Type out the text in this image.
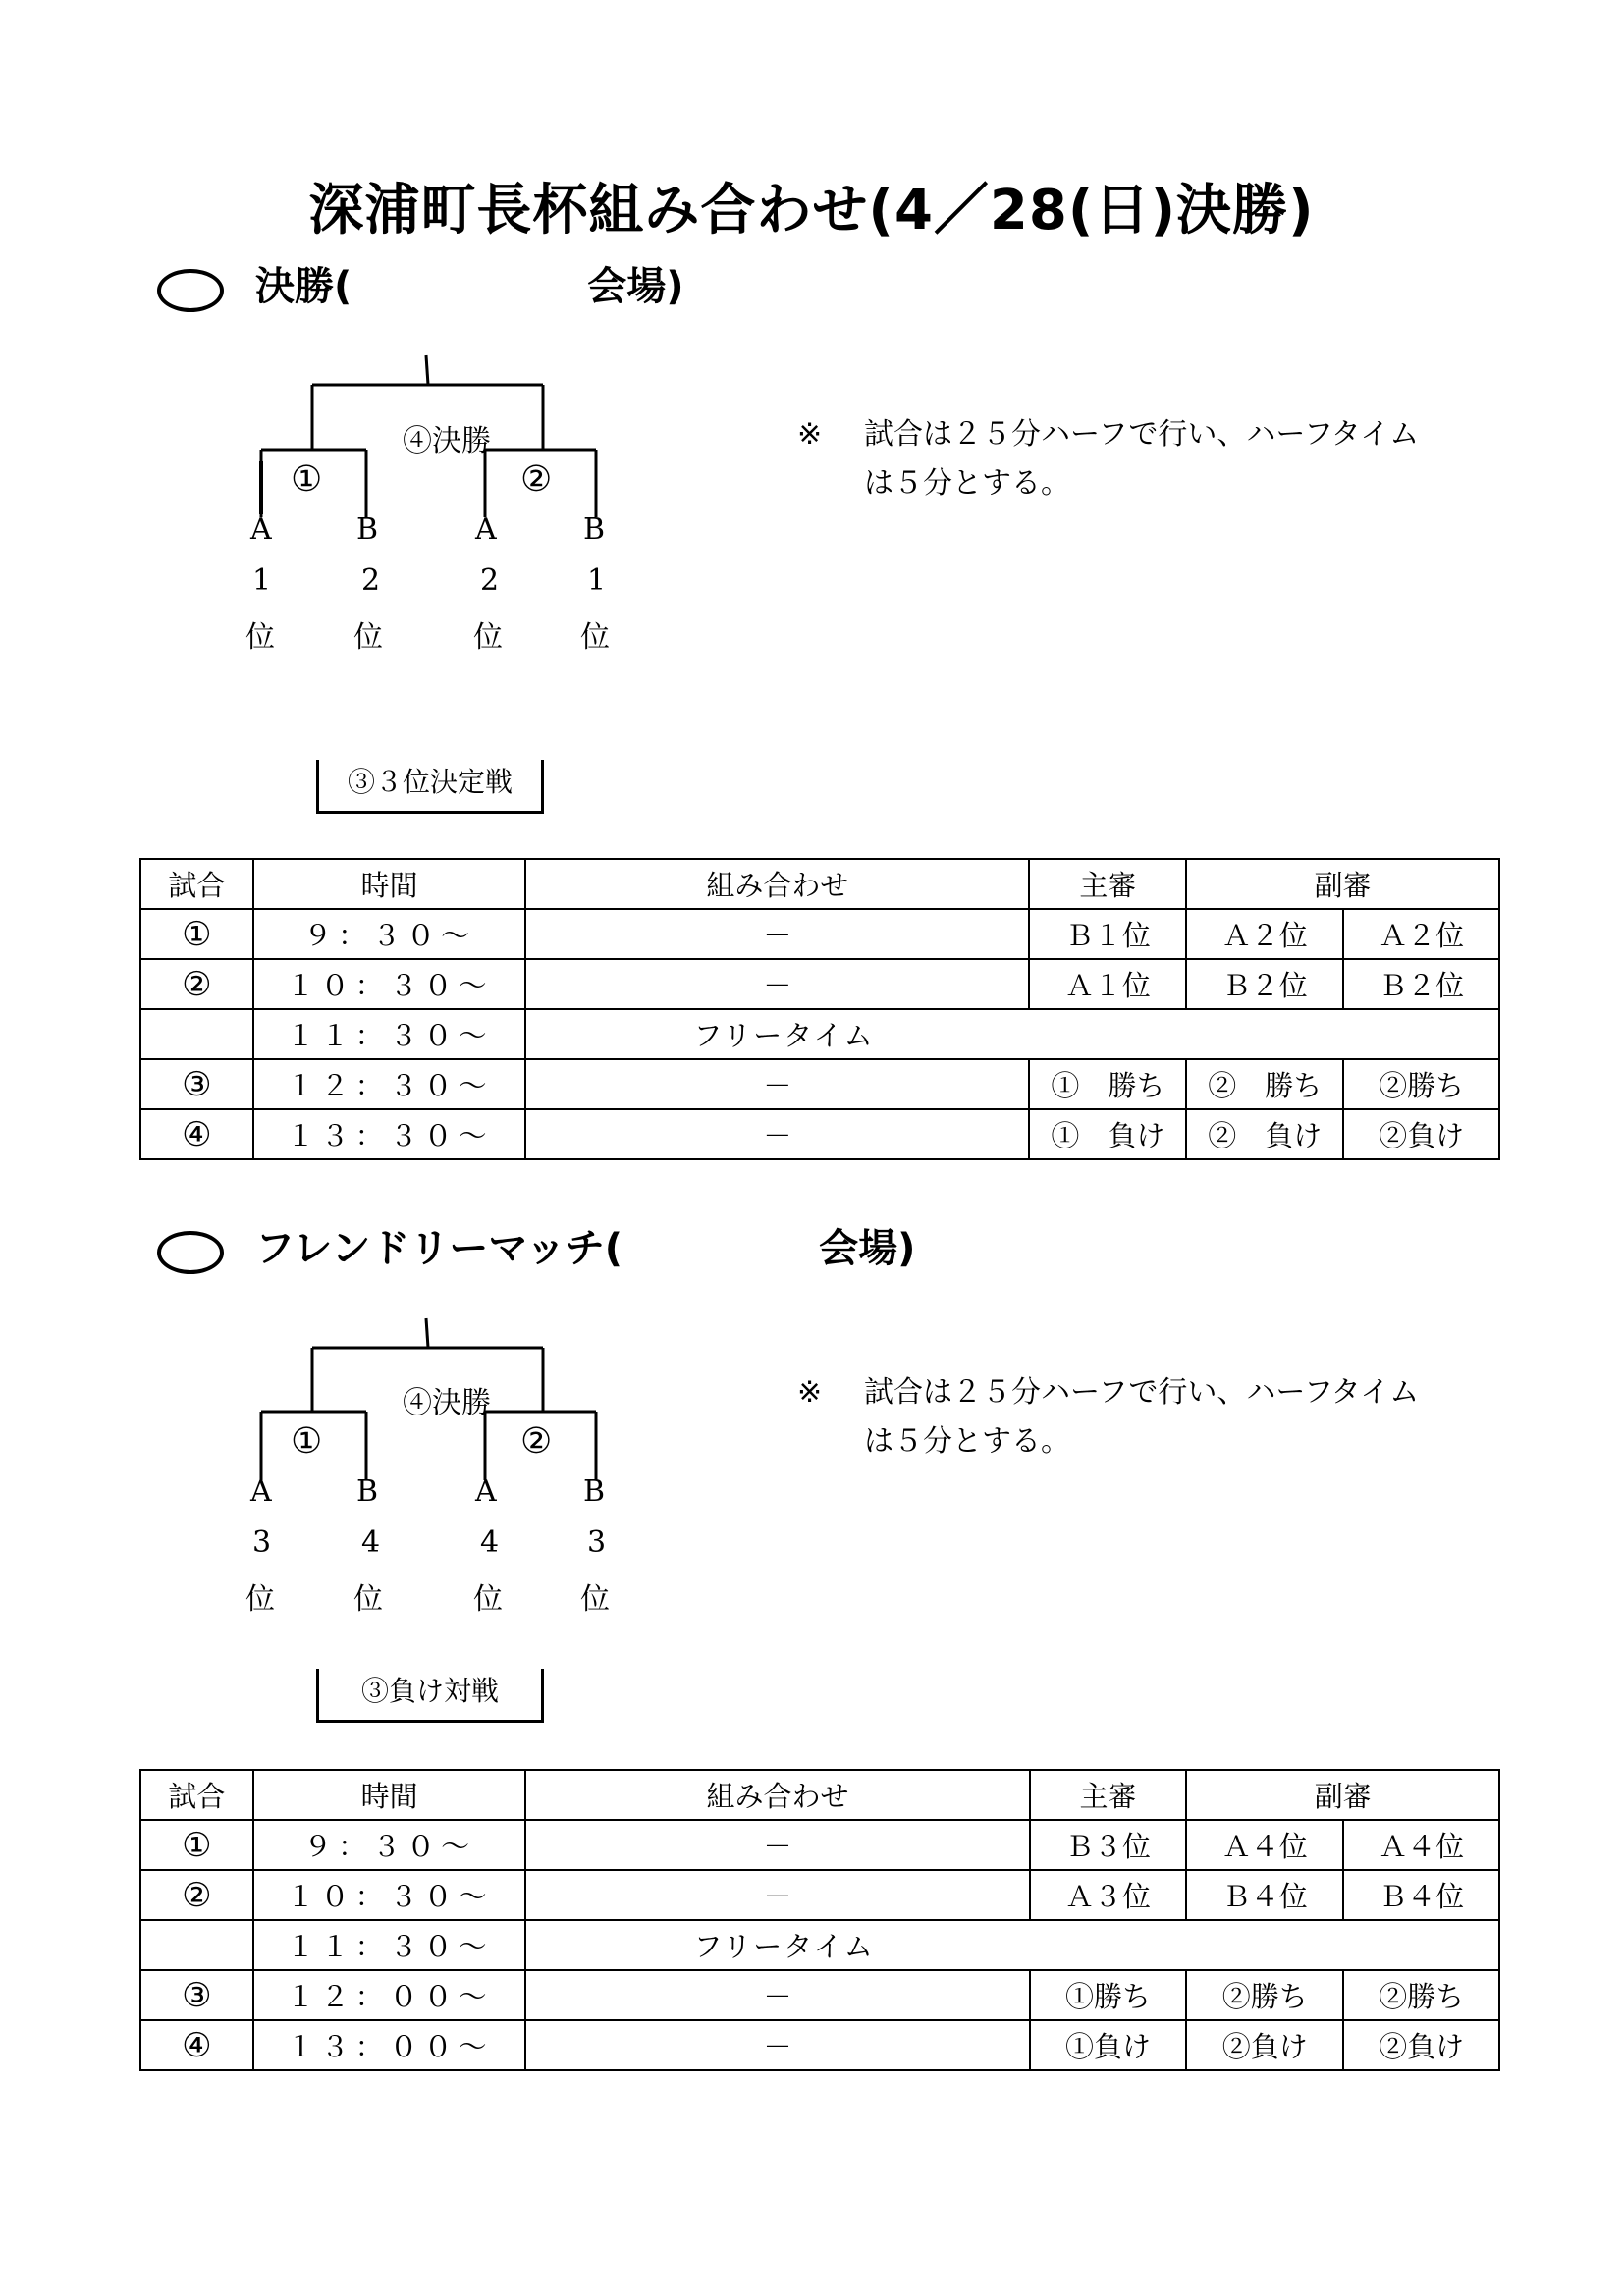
深浦町長杯組み合わせ(4／28(日)決勝)
決勝(　　　　　　会場)
④決勝
①	②
A	B	A	B
1	2	2	1
位	位	位	位

※

試合は２５分ハーフで行い、ハーフタイム

は５分とする。

③３位決定戦
試合	時間	組み合わせ	主審	副審	
①	９：３０～	－	Ｂ１位	Ａ２位	Ａ２位
②	１０：３０～	－	Ａ１位	Ｂ２位	Ｂ２位
	１１：３０～	フリータイム			
③	１２：３０～	－	①　勝ち	②　勝ち	②勝ち
④	１３：３０～	－	①　負け	②　負け	②負け
フレンドリーマッチ(　　　　　会場)
④決勝
①	②
A	B	A	B
3	4	4	3
位	位	位	位

※

試合は２５分ハーフで行い、ハーフタイム

は５分とする。

③負け対戦
試合	時間	組み合わせ	主審	副審	
①	９：３０～	－	Ｂ３位	Ａ４位	Ａ４位
②	１０：３０～	－	Ａ３位	Ｂ４位	Ｂ４位
	１１：３０～	フリータイム			
③	１２：００～	－	①勝ち	②勝ち	②勝ち
④	１３：００～	－	①負け	②負け	②負け
